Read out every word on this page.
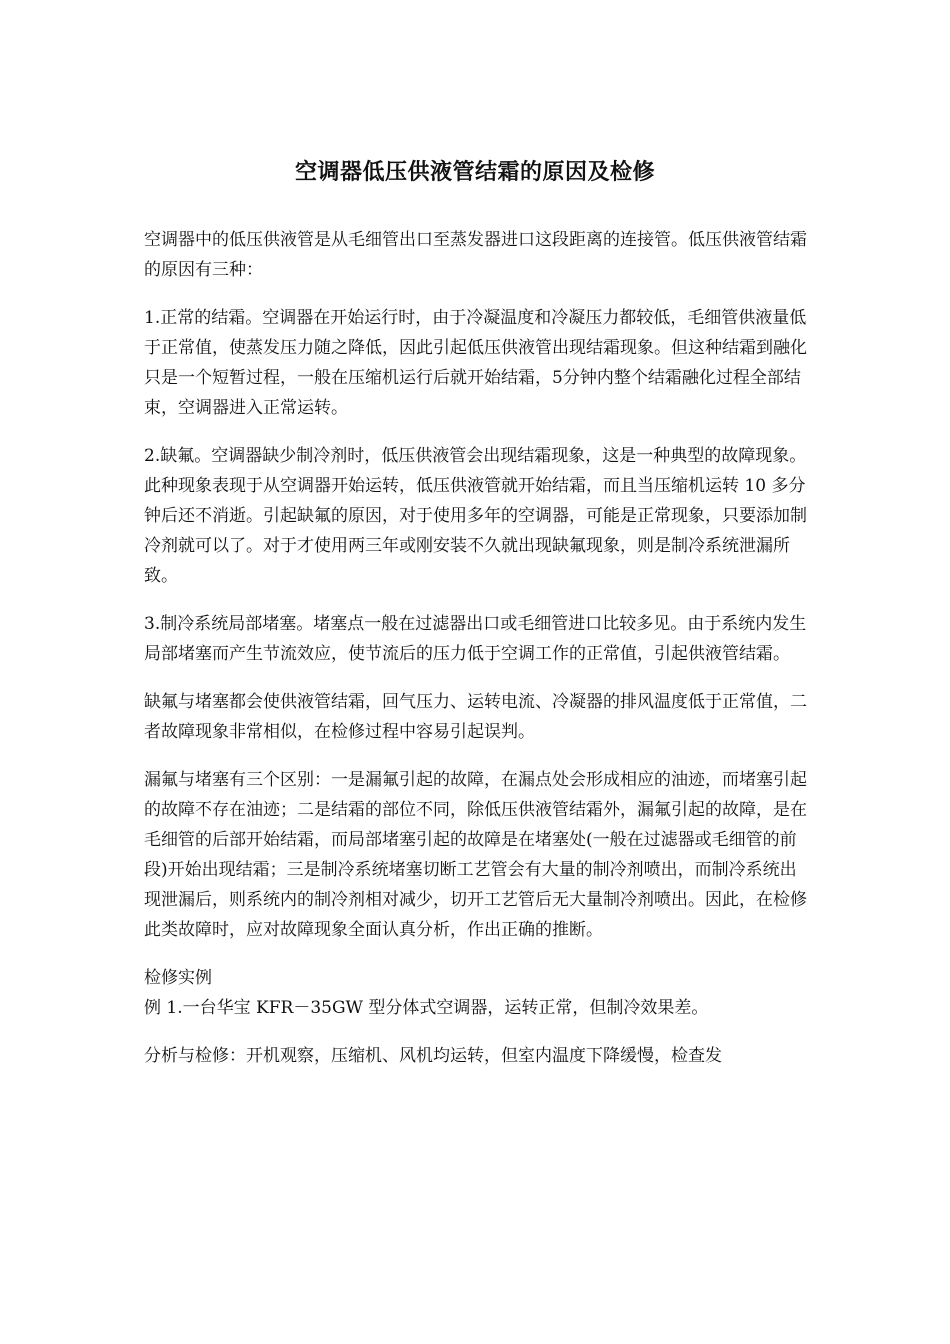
空调器低压供液管结霜的原因及检修

空调器中的低压供液管是从毛细管出口至蒸发器进口这段距离的连接管。低压供液管结霜的原因有三种：

1.正常的结霜。空调器在开始运行时，由于冷凝温度和冷凝压力都较低，毛细管供液量低于正常值，使蒸发压力随之降低，因此引起低压供液管出现结霜现象。但这种结霜到融化只是一个短暂过程，一般在压缩机运行后就开始结霜，5分钟内整个结霜融化过程全部结束，空调器进入正常运转。

2.缺氟。空调器缺少制冷剂时，低压供液管会出现结霜现象，这是一种典型的故障现象。此种现象表现于从空调器开始运转，低压供液管就开始结霜，而且当压缩机运转 10 多分钟后还不消逝。引起缺氟的原因，对于使用多年的空调器，可能是正常现象，只要添加制冷剂就可以了。对于才使用两三年或刚安装不久就出现缺氟现象，则是制冷系统泄漏所致。

3.制冷系统局部堵塞。堵塞点一般在过滤器出口或毛细管进口比较多见。由于系统内发生局部堵塞而产生节流效应，使节流后的压力低于空调工作的正常值，引起供液管结霜。

缺氟与堵塞都会使供液管结霜，回气压力、运转电流、冷凝器的排风温度低于正常值，二者故障现象非常相似，在检修过程中容易引起误判。

漏氟与堵塞有三个区别：一是漏氟引起的故障，在漏点处会形成相应的油迹，而堵塞引起的故障不存在油迹；二是结霜的部位不同，除低压供液管结霜外，漏氟引起的故障，是在毛细管的后部开始结霜，而局部堵塞引起的故障是在堵塞处(一般在过滤器或毛细管的前段)开始出现结霜；三是制冷系统堵塞切断工艺管会有大量的制冷剂喷出，而制冷系统出现泄漏后，则系统内的制冷剂相对减少，切开工艺管后无大量制冷剂喷出。因此，在检修此类故障时，应对故障现象全面认真分析，作出正确的推断。

检修实例

例 1.一台华宝 KFR－35GW 型分体式空调器，运转正常，但制冷效果差。

分析与检修：开机观察，压缩机、风机均运转，但室内温度下降缓慢，检查发
